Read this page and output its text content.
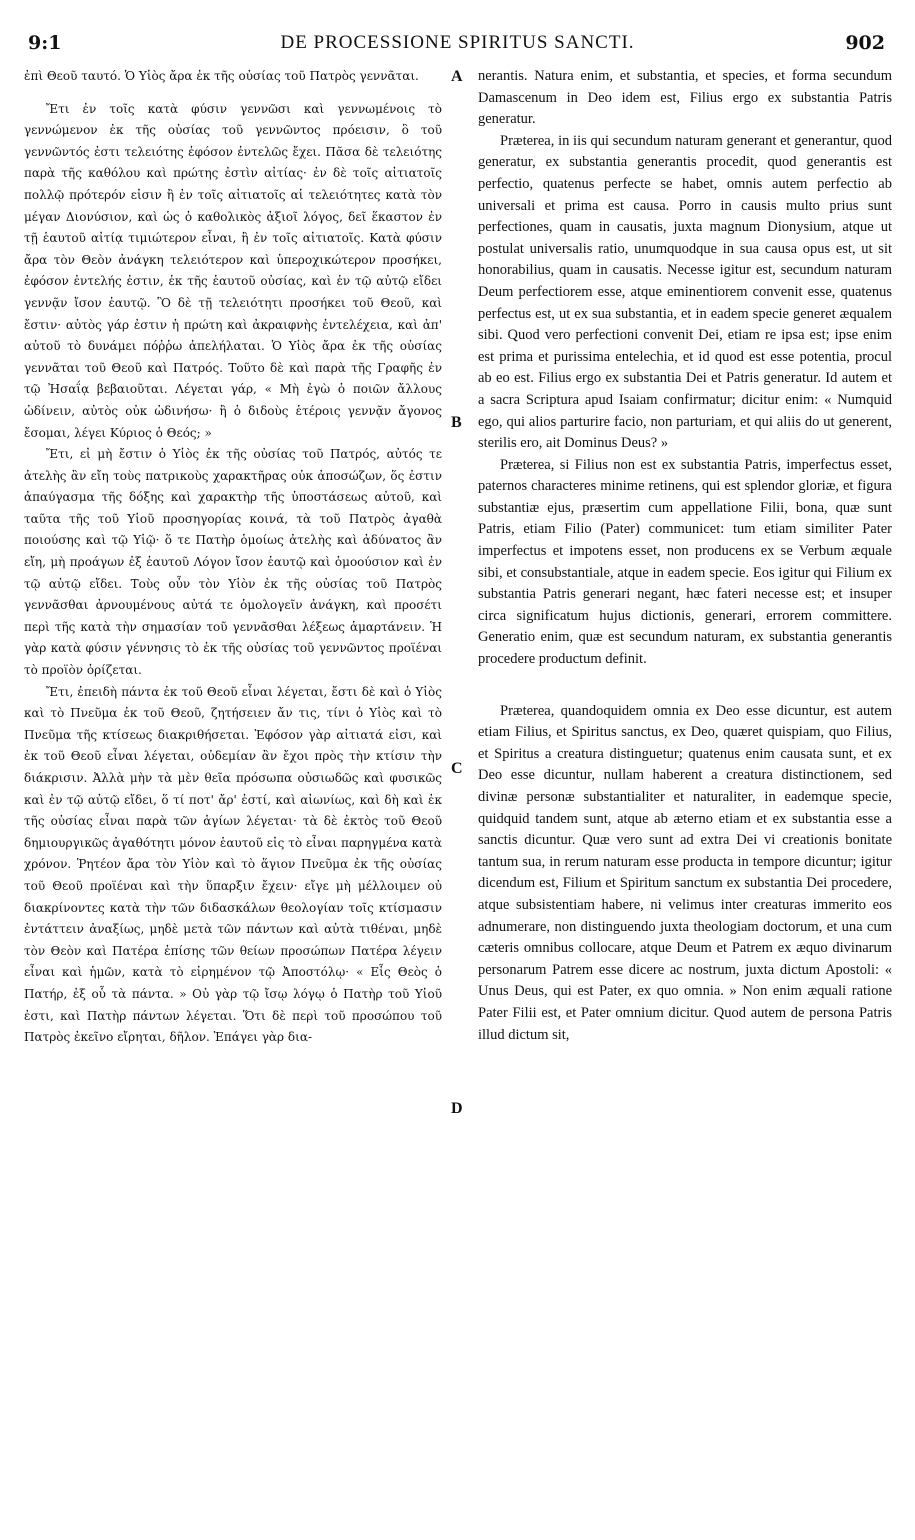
9:1	DE PROCESSIONE SPIRITUS SANCTI.	902

ἐπὶ Θεοῦ ταυτό. Ὁ Υἱὸς ἄρα ἐκ τῆς οὐσίας τοῦ Πατρὸς γεννᾶται.

Ἔτι ἐν τοῖς κατὰ φύσιν γεννῶσι καὶ γεννωμένοις τὸ γεννώμενον ἐκ τῆς οὐσίας τοῦ γεννῶντος πρόεισιν, ὃ τοῦ γεννῶντός ἐστι τελειότης ἐφόσον ἐντελῶς ἔχει. Πᾶσα δὲ τελειότης παρὰ τῆς καθόλου καὶ πρώτης ἐστὶν αἰτίας· ἐν δὲ τοῖς αἰτιατοῖς πολλῷ πρότερόν εἰσιν ἢ ἐν τοῖς αἰτιατοῖς αἱ τελειότητες κατὰ τὸν μέγαν Διονύσιον, καὶ ὡς ὁ καθολικὸς ἀξιοῖ λόγος, δεῖ ἕκαστον ἐν τῇ ἑαυτοῦ αἰτίᾳ τιμιώτερον εἶναι, ἢ ἐν τοῖς αἰτιατοῖς. Κατὰ φύσιν ἄρα τὸν Θεὸν ἀνάγκη τελειότερον καὶ ὑπεροχικώτερον προσήκει, ἐφόσον ἐντελής ἐστιν, ἐκ τῆς ἑαυτοῦ οὐσίας, καὶ ἐν τῷ αὐτῷ εἴδει γεννᾷν ἴσον ἑαυτῷ. Ὃ δὲ τῇ τελειότητι προσήκει τοῦ Θεοῦ, καὶ ἔστιν· αὐτὸς γάρ ἐστιν ἡ πρώτη καὶ ἀκραιφνὴς ἐντελέχεια, καὶ ἀπ' αὐτοῦ τὸ δυνάμει πόῤῥω ἀπελήλαται. Ὁ Υἱὸς ἄρα ἐκ τῆς οὐσίας γεννᾶται τοῦ Θεοῦ καὶ Πατρός. Τοῦτο δὲ καὶ παρὰ τῆς Γραφῆς ἐν τῷ Ἠσαΐᾳ βεβαιοῦται. Λέγεται γάρ, « Μὴ ἐγὼ ὁ ποιῶν ἄλλους ὠδίνειν, αὐτὸς οὐκ ὠδινήσω· ἢ ὁ διδοὺς ἑτέροις γεννᾷν ἄγονος ἔσομαι, λέγει Κύριος ὁ Θεός; »

Ἔτι, εἰ μὴ ἔστιν ὁ Υἱὸς ἐκ τῆς οὐσίας τοῦ Πατρός, αὐτός τε ἀτελὴς ἂν εἴη τοὺς πατρικοὺς χαρακτῆρας οὐκ ἀποσώζων, ὅς ἐστιν ἀπαύγασμα τῆς δόξης καὶ χαρακτὴρ τῆς ὑποστάσεως αὐτοῦ, καὶ ταῦτα τῆς τοῦ Υἱοῦ προσηγορίας κοινά, τὰ τοῦ Πατρὸς ἀγαθὰ ποιούσης καὶ τῷ Υἱῷ· ὅ τε Πατὴρ ὁμοίως ἀτελὴς καὶ ἀδύνατος ἂν εἴη, μὴ προάγων ἐξ ἑαυτοῦ Λόγον ἴσον ἑαυτῷ καὶ ὁμοούσιον καὶ ἐν τῷ αὐτῷ εἴδει. Τοὺς οὖν τὸν Υἱὸν ἐκ τῆς οὐσίας τοῦ Πατρὸς γεννᾶσθαι ἀρνουμένους αὐτά τε ὁμολογεῖν ἀνάγκη, καὶ προσέτι περὶ τῆς κατὰ τὴν σημασίαν τοῦ γεννᾶσθαι λέξεως ἁμαρτάνειν. Ἡ γὰρ κατὰ φύσιν γέννησις τὸ ἐκ τῆς οὐσίας τοῦ γεννῶντος προϊέναι τὸ προϊὸν ὁρίζεται.

Ἔτι, ἐπειδὴ πάντα ἐκ τοῦ Θεοῦ εἶναι λέγεται, ἔστι δὲ καὶ ὁ Υἱὸς καὶ τὸ Πνεῦμα ἐκ τοῦ Θεοῦ, ζητήσειεν ἄν τις, τίνι ὁ Υἱὸς καὶ τὸ Πνεῦμα τῆς κτίσεως διακριθήσεται. Ἐφόσον γὰρ αἰτιατά εἰσι, καὶ ἐκ τοῦ Θεοῦ εἶναι λέγεται, οὐδεμίαν ἂν ἔχοι πρὸς τὴν κτίσιν τὴν διάκρισιν. Ἀλλὰ μὴν τὰ μὲν θεῖα πρόσωπα οὐσιωδῶς καὶ φυσικῶς καὶ ἐν τῷ αὐτῷ εἴδει, ὅ τί ποτ' ἄρ' ἐστί, καὶ αἰωνίως, καὶ δὴ καὶ ἐκ τῆς οὐσίας εἶναι παρὰ τῶν ἁγίων λέγεται· τὰ δὲ ἐκτὸς τοῦ Θεοῦ δημιουργικῶς ἀγαθότητι μόνον ἑαυτοῦ εἰς τὸ εἶναι παρηγμένα κατὰ χρόνον. Ῥητέον ἄρα τὸν Υἱὸν καὶ τὸ ἅγιον Πνεῦμα ἐκ τῆς οὐσίας τοῦ Θεοῦ προϊέναι καὶ τὴν ὕπαρξιν ἔχειν· εἴγε μὴ μέλλοιμεν οὐ διακρίνοντες κατὰ τὴν τῶν διδασκάλων θεολογίαν τοῖς κτίσμασιν ἐντάττειν ἀναξίως, μηδὲ μετὰ τῶν πάντων καὶ αὐτὰ τιθέναι, μηδὲ τὸν Θεὸν καὶ Πατέρα ἐπίσης τῶν θείων προσώπων Πατέρα λέγειν εἶναι καὶ ἡμῶν, κατὰ τὸ εἰρημένον τῷ Ἀποστόλῳ· « Εἷς Θεὸς ὁ Πατήρ, ἐξ οὗ τὰ πάντα. » Οὐ γὰρ τῷ ἴσῳ λόγῳ ὁ Πατὴρ τοῦ Υἱοῦ ἐστι, καὶ Πατὴρ πάντων λέγεται. Ὅτι δὲ περὶ τοῦ προσώπου τοῦ Πατρὸς ἐκεῖνο εἴρηται, δῆλον. Ἐπάγει γὰρ δια-

A
B
C
D

nerantis. Natura enim, et substantia, et species, et forma secundum Damascenum in Deo idem est, Filius ergo ex substantia Patris generatur.

Præterea, in iis qui secundum naturam generant et generantur, quod generatur, ex substantia generantis procedit, quod generantis est perfectio, quatenus perfecte se habet, omnis autem perfectio ab universali et prima est causa. Porro in causis multo prius sunt perfectiones, quam in causatis, juxta magnum Dionysium, atque ut postulat universalis ratio, unumquodque in sua causa opus est, ut sit honorabilius, quam in causatis. Necesse igitur est, secundum naturam Deum perfectiorem esse, atque eminentiorem convenit esse, quatenus perfectus est, ut ex sua substantia, et in eadem specie generet æqualem sibi. Quod vero perfectioni convenit Dei, etiam re ipsa est; ipse enim est prima et purissima entelechia, et id quod est esse potentia, procul ab eo est. Filius ergo ex substantia Dei et Patris generatur. Id autem et a sacra Scriptura apud Isaiam confirmatur; dicitur enim: « Numquid ego, qui alios parturire facio, non parturiam, et qui aliis do ut generent, sterilis ero, ait Dominus Deus? »

Præterea, si Filius non est ex substantia Patris, imperfectus esset, paternos characteres minime retinens, qui est splendor gloriæ, et figura substantiæ ejus, præsertim cum appellatione Filii, bona, quæ sunt Patris, etiam Filio (Pater) communicet: tum etiam similiter Pater imperfectus et impotens esset, non producens ex se Verbum æquale sibi, et consubstantiale, atque in eadem specie. Eos igitur qui Filium ex substantia Patris generari negant, hæc fateri necesse est; et insuper circa significatum hujus dictionis, generari, errorem committere. Generatio enim, quæ est secundum naturam, ex substantia generantis procedere productum definit.

Præterea, quandoquidem omnia ex Deo esse dicuntur, est autem etiam Filius, et Spiritus sanctus, ex Deo, quæret quispiam, quo Filius, et Spiritus a creatura distinguetur; quatenus enim causata sunt, et ex Deo esse dicuntur, nullam haberent a creatura distinctionem, sed divinæ personæ substantialiter et naturaliter, in eademque specie, quidquid tandem sunt, atque ab æterno etiam et ex substantia esse a sanctis dicuntur. Quæ vero sunt ad extra Dei vi creationis bonitate tantum sua, in rerum naturam esse producta in tempore dicuntur; igitur dicendum est, Filium et Spiritum sanctum ex substantia Dei procedere, atque subsistentiam habere, ni velimus inter creaturas immerito eos adnumerare, non distinguendo juxta theologiam doctorum, et una cum cæteris omnibus collocare, atque Deum et Patrem ex æquo divinarum personarum Patrem esse dicere ac nostrum, juxta dictum Apostoli: « Unus Deus, qui est Pater, ex quo omnia. » Non enim æquali ratione Pater Filii est, et Pater omnium dicitur. Quod autem de persona Patris illud dictum sit,
